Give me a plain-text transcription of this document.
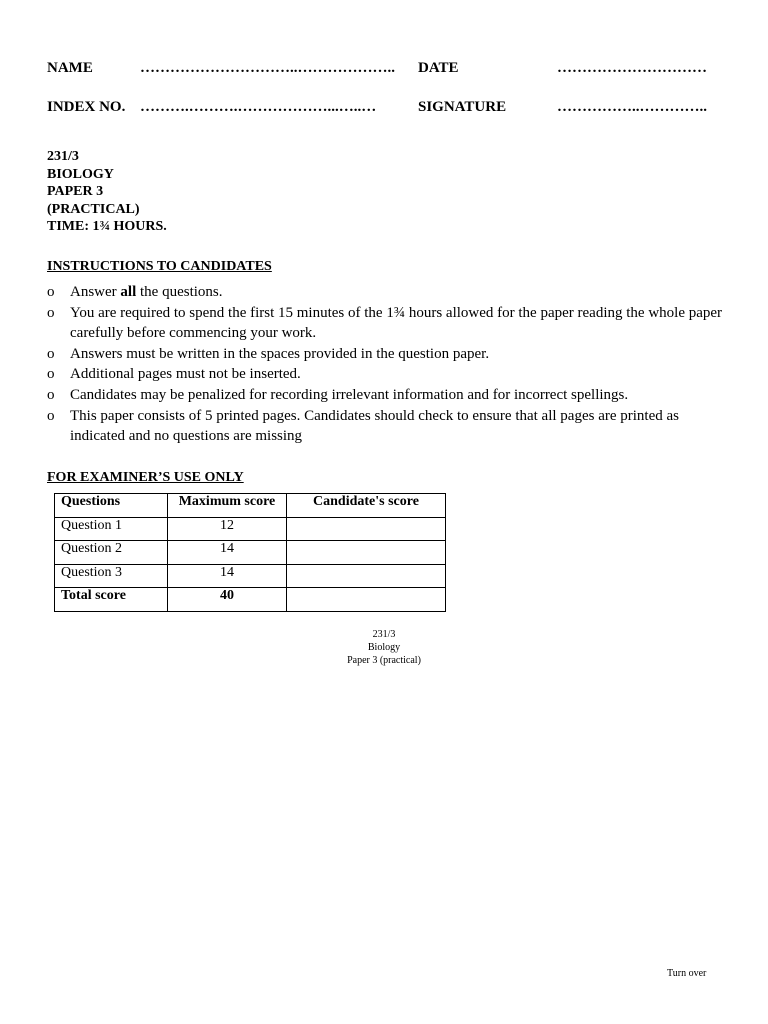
NAME	…………………………..……………….. DATE	…………………………
INDEX NO. ……….……….………………...…..…	SIGNATURE	……………..…………..
231/3
BIOLOGY
PAPER 3
(PRACTICAL)
TIME: 1¾ HOURS.
INSTRUCTIONS TO CANDIDATES
o	Answer all the questions.
o	You are required to spend the first 15 minutes of the 1¾ hours allowed for the paper reading the whole paper carefully before commencing your work.
o	Answers must be written in the spaces provided in the question paper.
o	Additional pages must not be inserted.
o	Candidates may be penalized for recording irrelevant information and for incorrect spellings.
o	This paper consists of 5 printed pages. Candidates should check to ensure that all pages are printed as indicated and no questions are missing
FOR EXAMINER’S USE ONLY
Questions	Maximum score	Candidate's score
Question 1	12	
Question 2	14	
Question 3	14	
Total score	40	
231/3
Biology
Paper 3 (practical)
Turn over
